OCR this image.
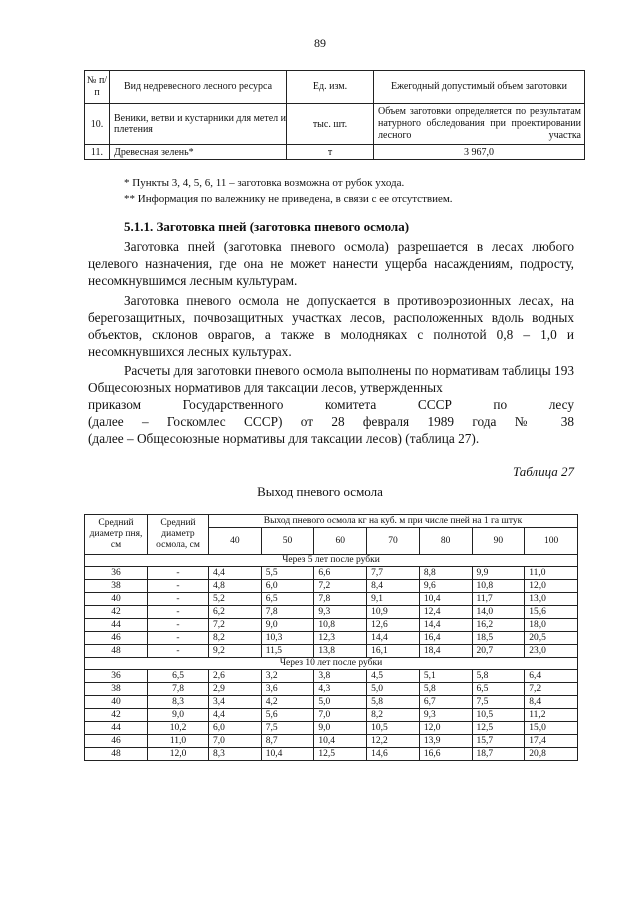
89
№ п/п	Вид недревесного лесного ресурса	Ед. изм.	Ежегодный допустимый объем заготовки
10.	Веники, ветви и кустарники для метел и плетения	тыс. шт.	Объем заготовки определяется по результатам натурного обследования при проектировании лесного участка
11.	Древесная зелень*	т	3 967,0
* Пункты 3, 4, 5, 6, 11 – заготовка возможна от рубок ухода.
** Информация по валежнику не приведена, в связи с ее отсутствием.
5.1.1. Заготовка пней (заготовка пневого осмола)

Заготовка пней (заготовка пневого осмола) разрешается в лесах любого целевого назначения, где она не может нанести ущерба насаждениям, подросту, несомкнувшимся лесным культурам.

Заготовка пневого осмола не допускается в противоэрозионных лесах, на берегозащитных, почвозащитных участках лесов, расположенных вдоль водных объектов, склонов оврагов, а также в молодняках с полнотой 0,8 – 1,0 и несомкнувшихся лесных культурах.

Расчеты для заготовки пневого осмола выполнены по нормативам таблицы 193 Общесоюзных нормативов для таксации лесов, утвержденных

приказом Государственного комитета СССР по лесу

(далее – Госкомлес СССР) от 28 февраля 1989 года № 38

(далее – Общесоюзные нормативы для таксации лесов) (таблица 27).

Таблица 27
Выход пневого осмола
Средний диаметр пня, см	Средний диаметр осмола, см	Выход пневого осмола кг на куб. м при числе пней на 1 га штук						
		40	50	60	70	80	90	100
Через 5 лет после рубки								
36	-	4,4	5,5	6,6	7,7	8,8	9,9	11,0
38	-	4,8	6,0	7,2	8,4	9,6	10,8	12,0
40	-	5,2	6,5	7,8	9,1	10,4	11,7	13,0
42	-	6,2	7,8	9,3	10,9	12,4	14,0	15,6
44	-	7,2	9,0	10,8	12,6	14,4	16,2	18,0
46	-	8,2	10,3	12,3	14,4	16,4	18,5	20,5
48	-	9,2	11,5	13,8	16,1	18,4	20,7	23,0
Через 10 лет после рубки								
36	6,5	2,6	3,2	3,8	4,5	5,1	5,8	6,4
38	7,8	2,9	3,6	4,3	5,0	5,8	6,5	7,2
40	8,3	3,4	4,2	5,0	5,8	6,7	7,5	8,4
42	9,0	4,4	5,6	7,0	8,2	9,3	10,5	11,2
44	10,2	6,0	7,5	9,0	10,5	12,0	12,5	15,0
46	11,0	7,0	8,7	10,4	12,2	13,9	15,7	17,4
48	12,0	8,3	10,4	12,5	14,6	16,6	18,7	20,8
